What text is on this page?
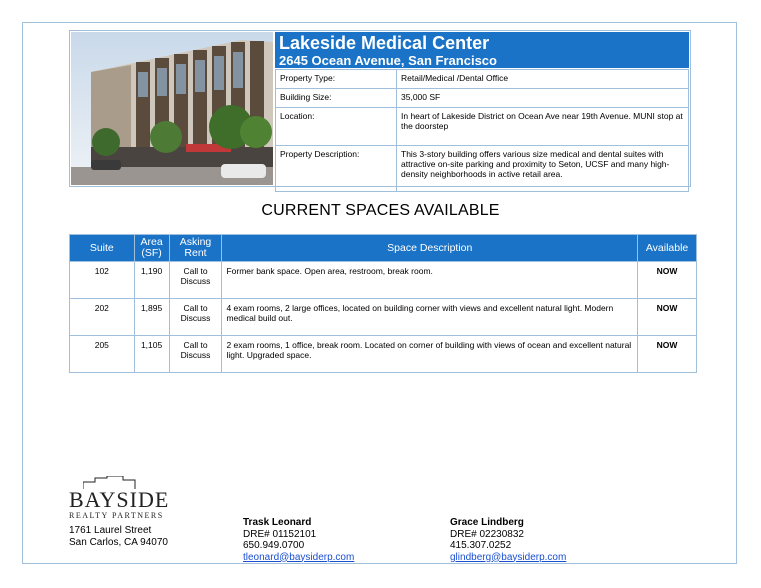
Lakeside Medical Center
2645 Ocean Avenue, San Francisco
Property Type:	Retail/Medical /Dental Office
Building Size:	35,000 SF
Location:	In heart of Lakeside District on Ocean Ave near 19th Avenue. MUNI stop at the doorstep
Property Description:	This 3-story building offers various size medical and dental suites with attractive on-site parking and proximity to Seton, UCSF and many high-density neighborhoods in active retail area.
CURRENT SPACES AVAILABLE
Suite	Area (SF)	Asking Rent	Space Description	Available
102	1,190	Call to Discuss	Former bank space. Open area, restroom, break room.	NOW
202	1,895	Call to Discuss	4 exam rooms, 2 large offices, located on building corner with views and excellent natural light. Modern medical build out.	NOW
205	1,105	Call to Discuss	2 exam rooms, 1 office, break room. Located on corner of building with views of ocean and excellent natural light. Upgraded space.	NOW
BAYSIDE
REALTY PARTNERS
1761 Laurel Street
San Carlos, CA 94070
Trask Leonard
DRE# 01152101
650.949.0700
tleonard@baysiderp.com
Grace Lindberg
DRE# 02230832
415.307.0252
glindberg@baysiderp.com
